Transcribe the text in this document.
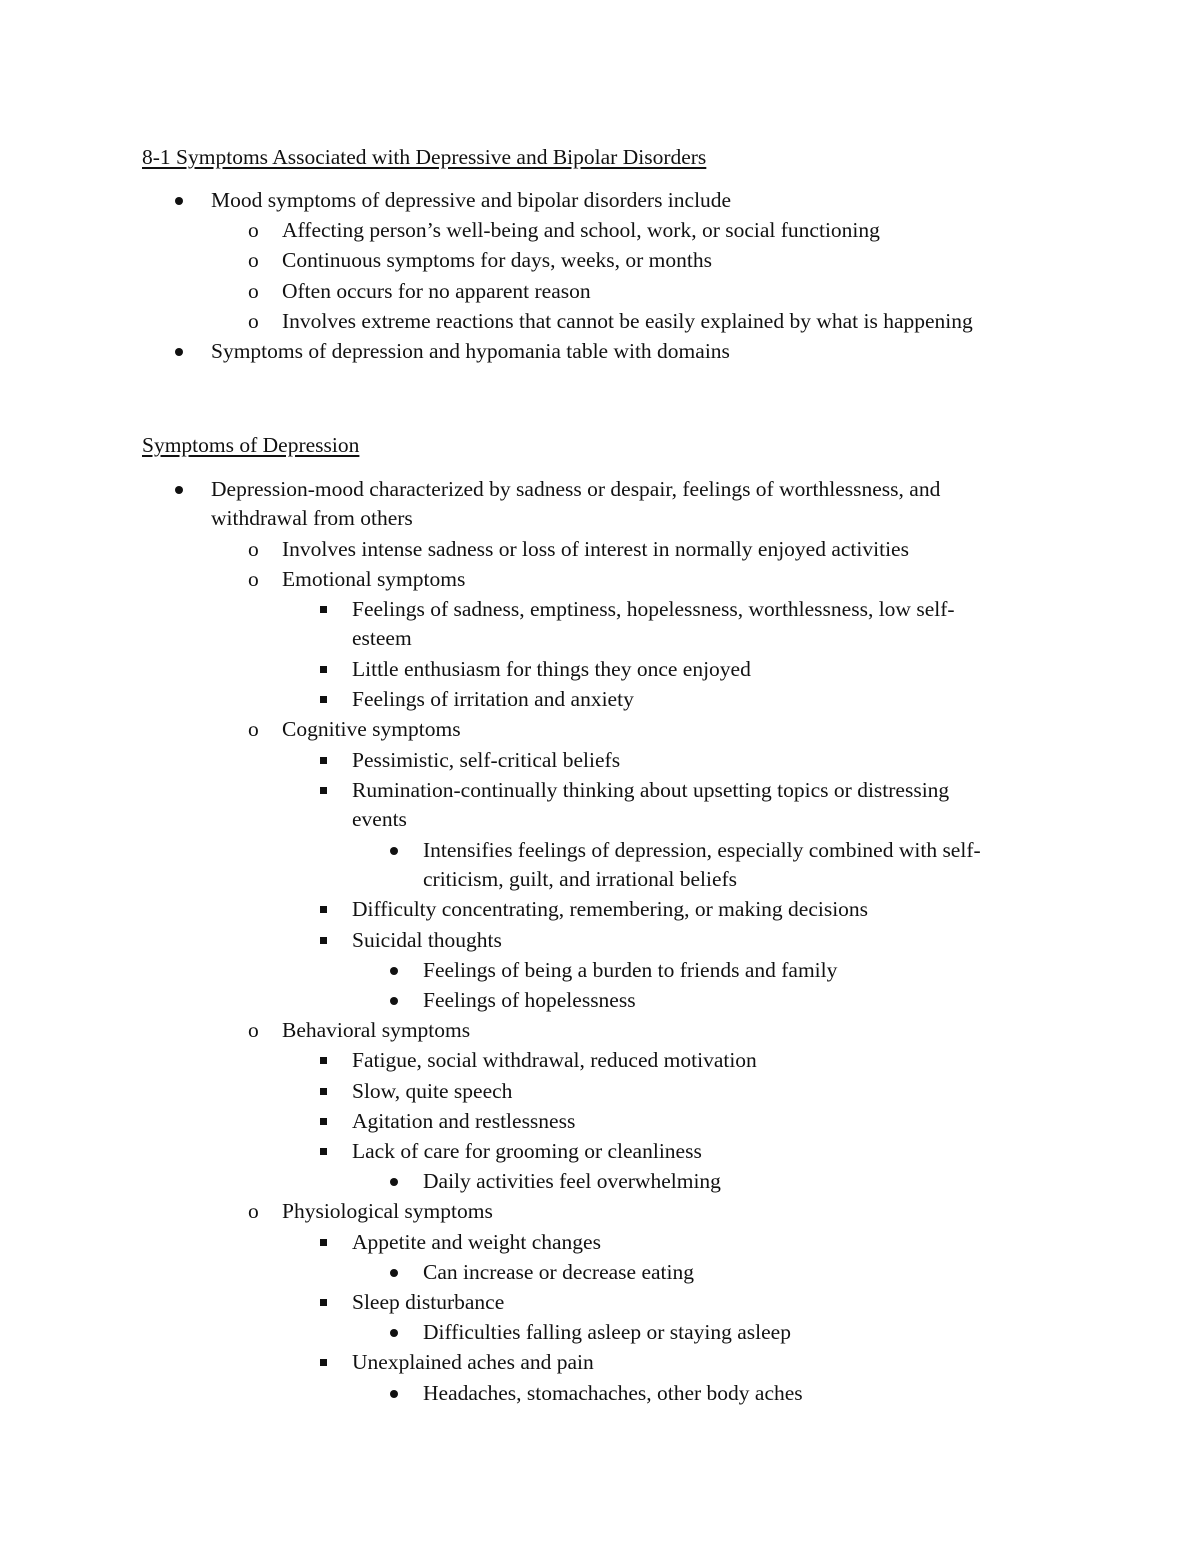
8-1 Symptoms Associated with Depressive and Bipolar Disorders
Mood symptoms of depressive and bipolar disorders include
o Affecting person’s well-being and school, work, or social functioning
o Continuous symptoms for days, weeks, or months
o Often occurs for no apparent reason
o Involves extreme reactions that cannot be easily explained by what is happening
Symptoms of depression and hypomania table with domains
Symptoms of Depression
Depression-mood characterized by sadness or despair, feelings of worthlessness, and
withdrawal from others
o Involves intense sadness or loss of interest in normally enjoyed activities
o Emotional symptoms
Feelings of sadness, emptiness, hopelessness, worthlessness, low self-
esteem
Little enthusiasm for things they once enjoyed
Feelings of irritation and anxiety
o Cognitive symptoms
Pessimistic, self-critical beliefs
Rumination-continually thinking about upsetting topics or distressing
events
Intensifies feelings of depression, especially combined with self-
criticism, guilt, and irrational beliefs
Difficulty concentrating, remembering, or making decisions
Suicidal thoughts
Feelings of being a burden to friends and family
Feelings of hopelessness
o Behavioral symptoms
Fatigue, social withdrawal, reduced motivation
Slow, quite speech
Agitation and restlessness
Lack of care for grooming or cleanliness
Daily activities feel overwhelming
o Physiological symptoms
Appetite and weight changes
Can increase or decrease eating
Sleep disturbance
Difficulties falling asleep or staying asleep
Unexplained aches and pain
Headaches, stomachaches, other body aches
